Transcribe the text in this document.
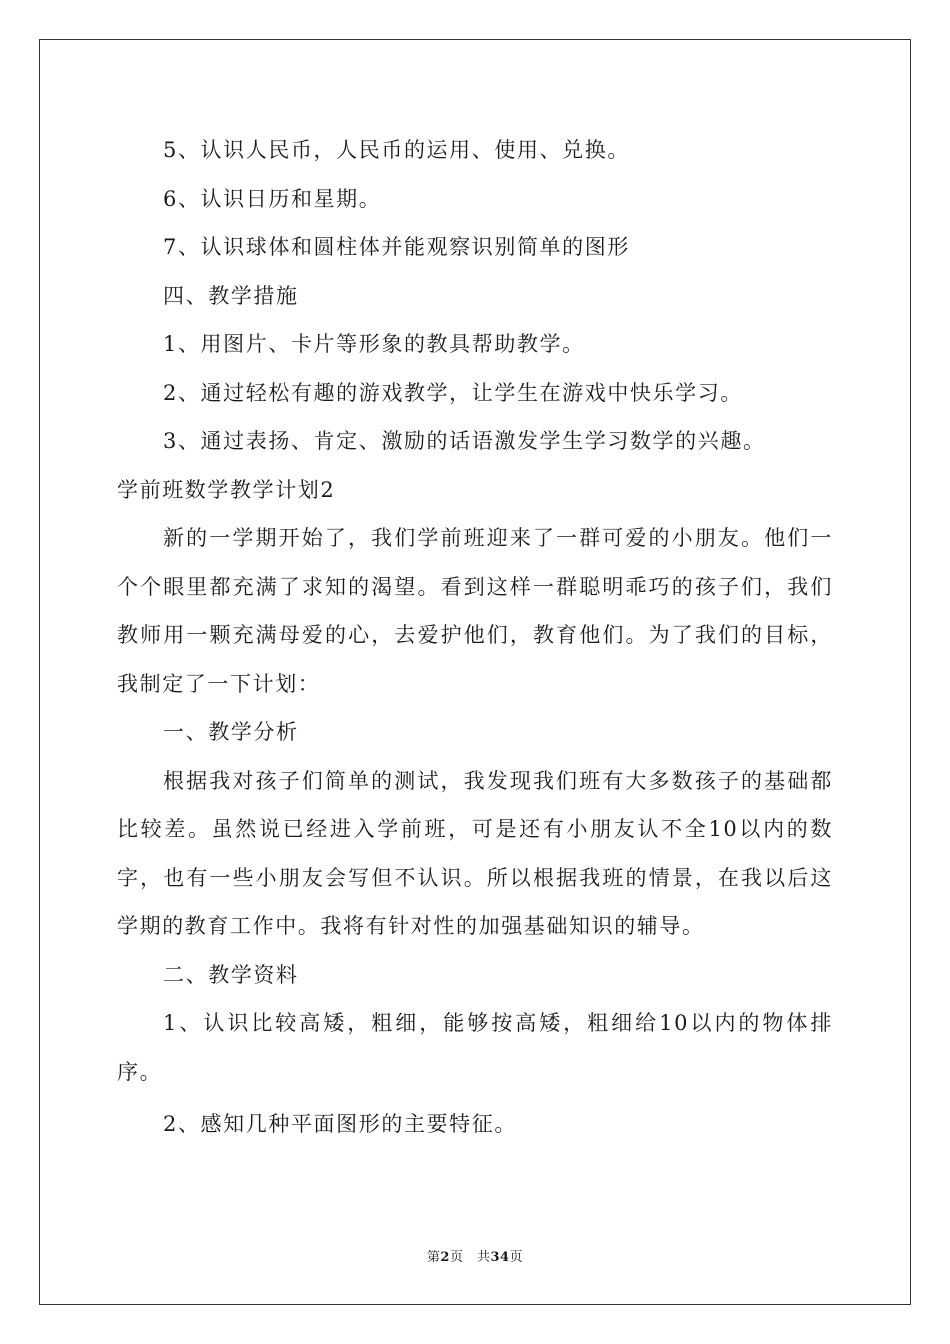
5、认识人民币，人民币的运用、使用、兑换。

6、认识日历和星期。

7、认识球体和圆柱体并能观察识别简单的图形

四、教学措施

1、用图片、卡片等形象的教具帮助教学。

2、通过轻松有趣的游戏教学，让学生在游戏中快乐学习。

3、通过表扬、肯定、激励的话语激发学生学习数学的兴趣。

学前班数学教学计划2

新的一学期开始了，我们学前班迎来了一群可爱的小朋友。他们一个个眼里都充满了求知的渴望。看到这样一群聪明乖巧的孩子们，我们教师用一颗充满母爱的心，去爱护他们，教育他们。为了我们的目标，我制定了一下计划：

一、教学分析

根据我对孩子们简单的测试，我发现我们班有大多数孩子的基础都比较差。虽然说已经进入学前班，可是还有小朋友认不全10以内的数字，也有一些小朋友会写但不认识。所以根据我班的情景，在我以后这学期的教育工作中。我将有针对性的加强基础知识的辅导。

二、教学资料

1、认识比较高矮，粗细，能够按高矮，粗细给10以内的物体排序。

2、感知几种平面图形的主要特征。

第2页　共34页
